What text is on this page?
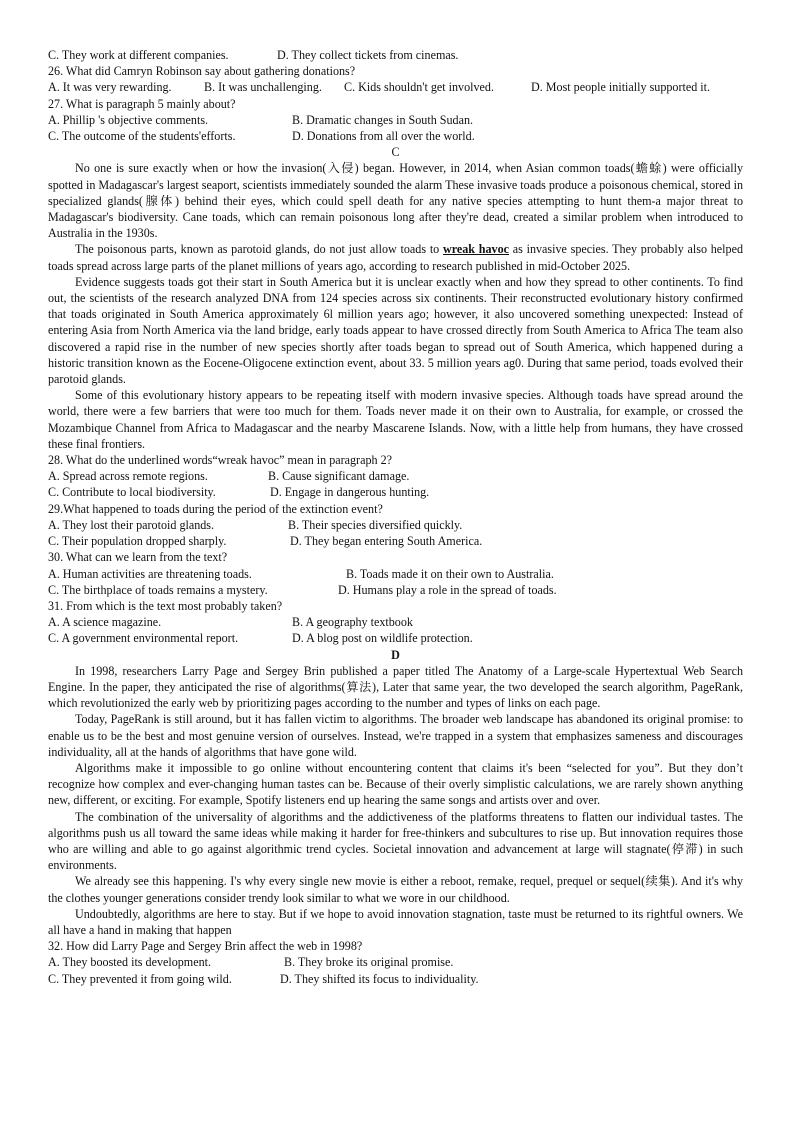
C. They work at different companies.	D. They collect tickets from cinemas.

26. What did Camryn Robinson say about gathering donations?

A. It was very rewarding.	B. It was unchallenging.	C. Kids shouldn't get involved.	D. Most people initially supported it.

27. What is paragraph 5 mainly about?

A. Phillip 's objective comments.	B. Dramatic changes in South Sudan.
C. The outcome of the students'efforts.	D. Donations from all over the world.

C

No one is sure exactly when or how the invasion(入侵) began. However, in 2014, when Asian common toads(蟾蜍) were officially spotted in Madagascar's largest seaport, scientists immediately sounded the alarm These invasive toads produce a poisonous chemical, stored in specialized glands(腺体) behind their eyes, which could spell death for any native species attempting to hunt them-a major threat to Madagascar's biodiversity. Cane toads, which can remain poisonous long after they're dead, created a similar problem when introduced to Australia in the 1930s.

The poisonous parts, known as parotoid glands, do not just allow toads to wreak havoc as invasive species. They probably also helped toads spread across large parts of the planet millions of years ago, according to research published in mid-October 2025.

Evidence suggests toads got their start in South America but it is unclear exactly when and how they spread to other continents. To find out, the scientists of the research analyzed DNA from 124 species across six continents. Their reconstructed evolutionary history confirmed that toads originated in South America approximately 6l million years ago; however, it also uncovered something unexpected: Instead of entering Asia from North America via the land bridge, early toads appear to have crossed directly from South America to Africa The team also discovered a rapid rise in the number of new species shortly after toads began to spread out of South America, which happened during a historic transition known as the Eocene-Oligocene extinction event, about 33. 5 million years ag0. During that same period, toads evolved their parotoid glands.

Some of this evolutionary history appears to be repeating itself with modern invasive species. Although toads have spread around the world, there were a few barriers that were too much for them. Toads never made it on their own to Australia, for example, or crossed the Mozambique Channel from Africa to Madagascar and the nearby Mascarene Islands. Now, with a little help from humans, they have crossed these final frontiers.

28. What do the underlined words“wreak havoc” mean in paragraph 2?

A. Spread across remote regions.	B. Cause significant damage.
C. Contribute to local biodiversity.	D. Engage in dangerous hunting.

29.What happened to toads during the period of the extinction event?

A. They lost their parotoid glands.	B. Their species diversified quickly.
C. Their population dropped sharply.	D. They began entering South America.

30. What can we learn from the text?

A. Human activities are threatening toads.	B. Toads made it on their own to Australia.
C. The birthplace of toads remains a mystery.	D. Humans play a role in the spread of toads.

31. From which is the text most probably taken?

A. A science magazine.	B. A geography textbook
C. A government environmental report.	D. A blog post on wildlife protection.

D

In 1998, researchers Larry Page and Sergey Brin published a paper titled The Anatomy of a Large-scale Hypertextual Web Search Engine. In the paper, they anticipated the rise of algorithms(算法), Later that same year, the two developed the search algorithm, PageRank, which revolutionized the early web by prioritizing pages according to the number and types of links on each page.

Today, PageRank is still around, but it has fallen victim to algorithms. The broader web landscape has abandoned its original promise: to enable us to be the best and most genuine version of ourselves. Instead, we're trapped in a system that emphasizes sameness and discourages individuality, all at the hands of algorithms that have gone wild.

Algorithms make it impossible to go online without encountering content that claims it's been “selected for you”. But they don’t recognize how complex and ever-changing human tastes can be. Because of their overly simplistic calculations, we are rarely shown anything new, different, or exciting. For example, Spotify listeners end up hearing the same songs and artists over and over.

The combination of the universality of algorithms and the addictiveness of the platforms threatens to flatten our individual tastes. The algorithms push us all toward the same ideas while making it harder for free-thinkers and subcultures to rise up. But innovation requires those who are willing and able to go against algorithmic trend cycles. Societal innovation and advancement at large will stagnate(停滞) in such environments.

We already see this happening. I's why every single new movie is either a reboot, remake, requel, prequel or sequel(续集). And it's why the clothes younger generations consider trendy look similar to what we wore in our childhood.

Undoubtedly, algorithms are here to stay. But if we hope to avoid innovation stagnation, taste must be returned to its rightful owners. We all have a hand in making that happen

32. How did Larry Page and Sergey Brin affect the web in 1998?

A. They boosted its development.	B. They broke its original promise.
C. They prevented it from going wild.	D. They shifted its focus to individuality.
